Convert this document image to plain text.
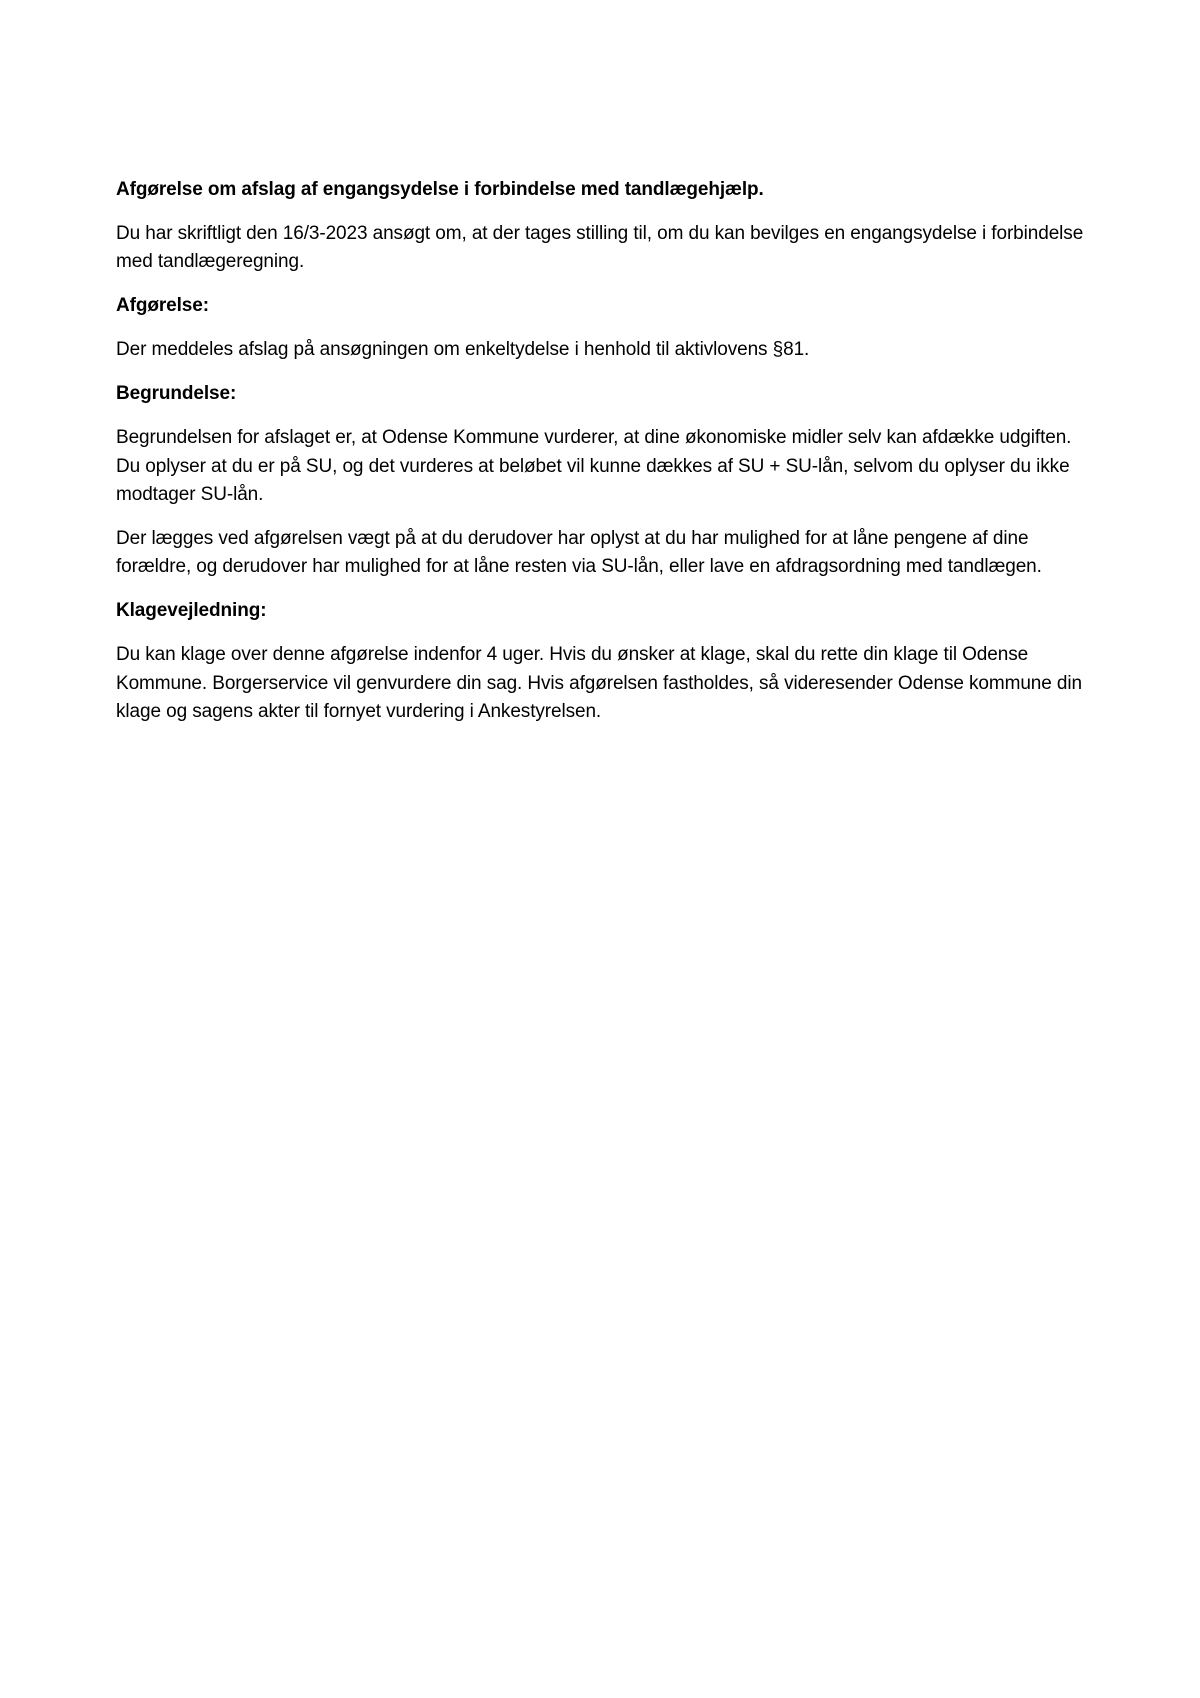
Afgørelse om afslag af engangsydelse i forbindelse med tandlægehjælp.

Du har skriftligt den 16/3-2023 ansøgt om, at der tages stilling til, om du kan bevilges en engangsydelse i forbindelse med tandlægeregning.

Afgørelse:

Der meddeles afslag på ansøgningen om enkeltydelse i henhold til aktivlovens §81.

Begrundelse:

Begrundelsen for afslaget er, at Odense Kommune vurderer, at dine økonomiske midler selv kan afdække udgiften. Du oplyser at du er på SU, og det vurderes at beløbet vil kunne dækkes af SU + SU-lån, selvom du oplyser du ikke modtager SU-lån.

Der lægges ved afgørelsen vægt på at du derudover har oplyst at du har mulighed for at låne pengene af dine forældre, og derudover har mulighed for at låne resten via SU-lån, eller lave en afdragsordning med tandlægen.

Klagevejledning:

Du kan klage over denne afgørelse indenfor 4 uger. Hvis du ønsker at klage, skal du rette din klage til Odense Kommune. Borgerservice vil genvurdere din sag. Hvis afgørelsen fastholdes, så videresender Odense kommune din klage og sagens akter til fornyet vurdering i Ankestyrelsen.
